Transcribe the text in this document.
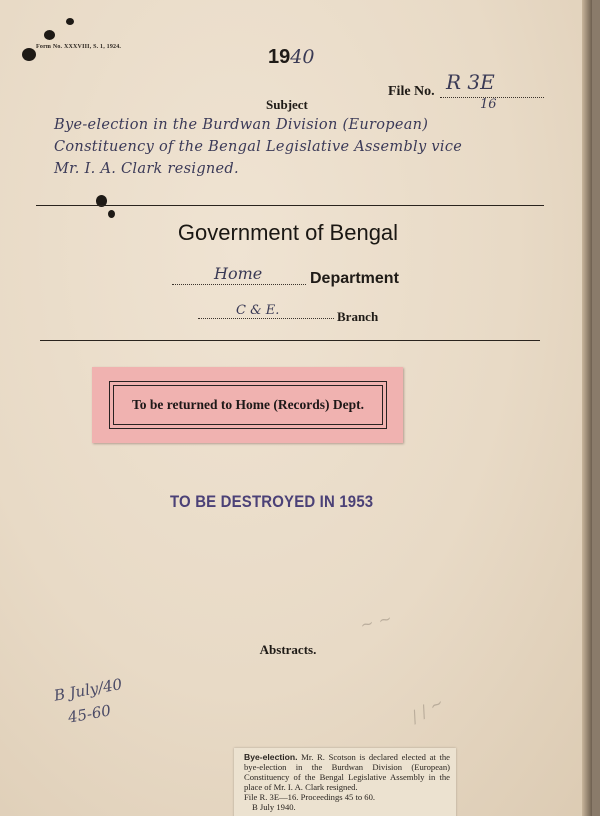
Form No. XXXVIII, S. 1, 1924.	1940
File No. R 3E
16
Subject
Bye-election in the Burdwan Division (European)
Constituency of the Bengal Legislative Assembly vice
Mr. I. A. Clark resigned.
Government of Bengal
Home	Department
C & E.	Branch
To be returned to Home (Records) Dept.
TO BE DESTROYED IN 1953
~ ~
/ / ~
Abstracts.
B July/40
45-60
Bye-election. Mr. R. Scotson is declared elected at the bye-election in the Burdwan Division (European) Constituency of the Bengal Legislative Assembly in the place of Mr. I. A. Clark resigned.
File R. 3E—16. Proceedings 45 to 60.
B July 1940.
